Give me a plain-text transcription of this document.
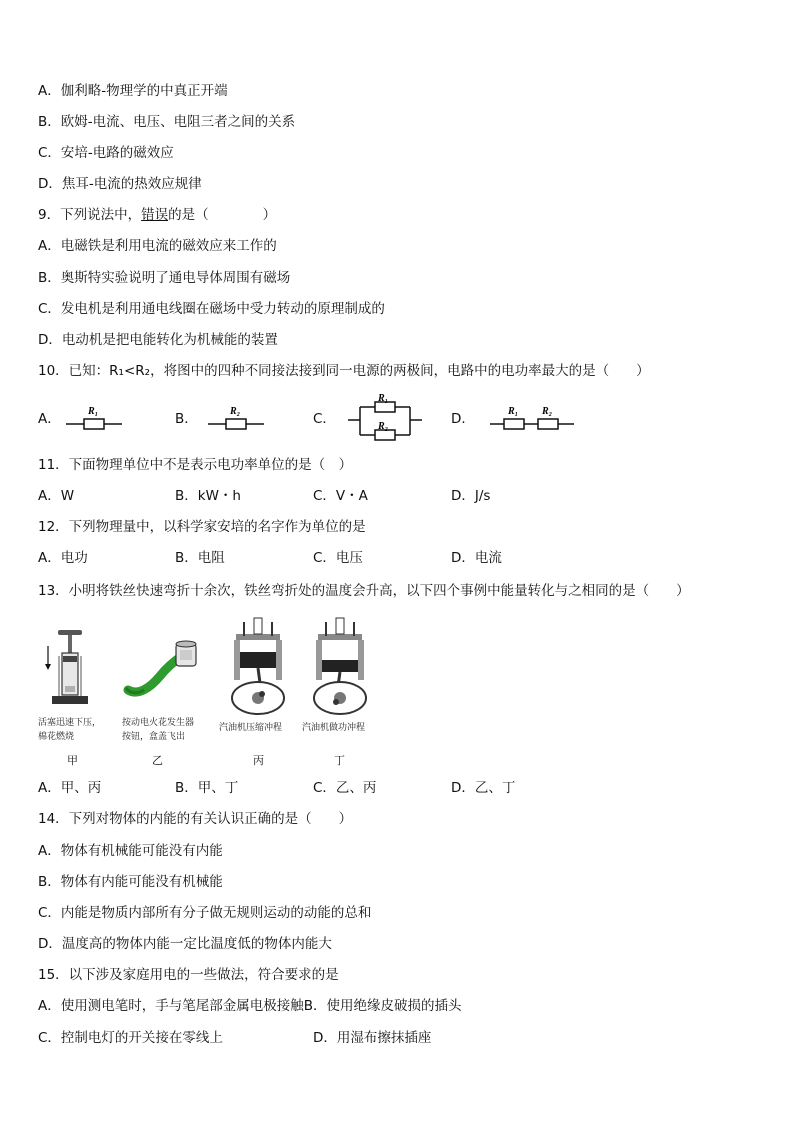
A．伽利略-物理学的中真正开端
B．欧姆-电流、电压、电阻三者之间的关系
C．安培-电路的磁效应
D．焦耳-电流的热效应规律
9．下列说法中，错误的是（　　　　）
A．电磁铁是利用电流的磁效应来工作的
B．奥斯特实验说明了通电导体周围有磁场
C．发电机是利用通电线圈在磁场中受力转动的原理制成的
D．电动机是把电能转化为机械能的装置
10．已知：R₁<R₂，将图中的四种不同接法接到同一电源的两极间，电路中的电功率最大的是（　　）
A．	R₁	B．	R₂	C．
R₁
R₂	D．	R₁ R₂
11．下面物理单位中不是表示电功率单位的是（　）
A．W	B．kW・h	C．V・A	D．J/s
12．下列物理量中，以科学家安培的名字作为单位的是
A．电功	B．电阻	C．电压	D．电流
13．小明将铁丝快速弯折十余次，铁丝弯折处的温度会升高，以下四个事例中能量转化与之相同的是（　　）
活塞迅速下压，
棉花燃烧
甲
按动电火花发生器
按钮，盒盖飞出
乙
汽油机压缩冲程
丙
汽油机做功冲程
丁
A．甲、丙	B．甲、丁	C．乙、丙	D．乙、丁
14．下列对物体的内能的有关认识正确的是（　　）
A．物体有机械能可能没有内能
B．物体有内能可能没有机械能
C．内能是物质内部所有分子做无规则运动的动能的总和
D．温度高的物体内能一定比温度低的物体内能大
15．以下涉及家庭用电的一些做法，符合要求的是
A．使用测电笔时，手与笔尾部金属电极接触B．使用绝缘皮破损的插头
C．控制电灯的开关接在零线上	D．用湿布擦抹插座
